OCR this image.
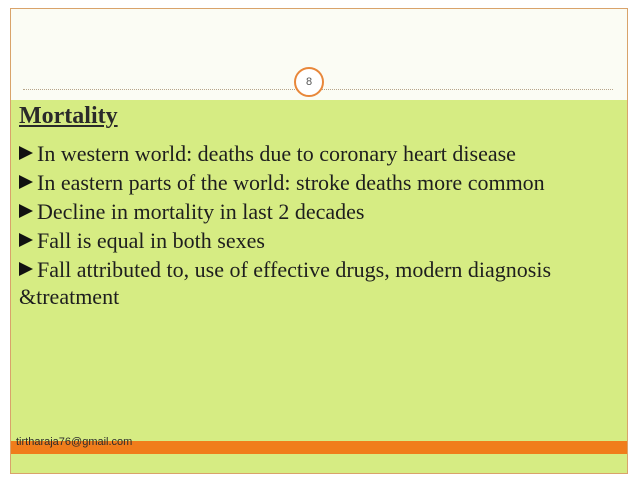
8
Mortality
In western world: deaths due to coronary heart disease
In eastern parts of the world: stroke deaths more common
Decline in mortality in last 2 decades
Fall is equal in both sexes
Fall attributed to, use of effective drugs, modern diagnosis &treatment
tirtharaja76@gmail.com
